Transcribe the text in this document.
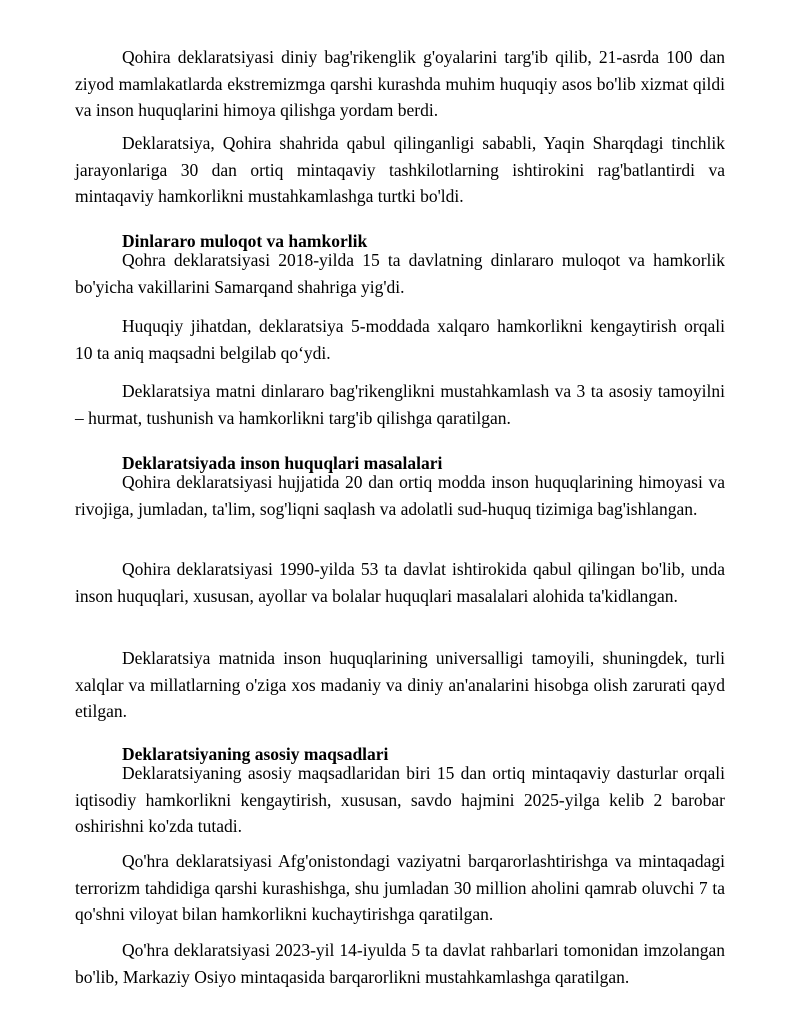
Qohira deklaratsiyasi diniy bag'rikenglik g'oyalarini targ'ib qilib, 21-asrda 100 dan ziyod mamlakatlarda ekstremizmga qarshi kurashda muhim huquqiy asos bo'lib xizmat qildi va inson huquqlarini himoya qilishga yordam berdi.

Deklaratsiya, Qohira shahrida qabul qilinganligi sababli, Yaqin Sharqdagi tinchlik jarayonlariga 30 dan ortiq mintaqaviy tashkilotlarning ishtirokini rag'batlantirdi va mintaqaviy hamkorlikni mustahkamlashga turtki bo'ldi.

Dinlararo muloqot va hamkorlik

Qohra deklaratsiyasi 2018-yilda 15 ta davlatning dinlararo muloqot va hamkorlik bo'yicha vakillarini Samarqand shahriga yig'di.

Huquqiy jihatdan, deklaratsiya 5-moddada xalqaro hamkorlikni kengaytirish orqali 10 ta aniq maqsadni belgilab qo‘ydi.

Deklaratsiya matni dinlararo bag'rikenglikni mustahkamlash va 3 ta asosiy tamoyilni – hurmat, tushunish va hamkorlikni targ'ib qilishga qaratilgan.

Deklaratsiyada inson huquqlari masalalari

Qohira deklaratsiyasi hujjatida 20 dan ortiq modda inson huquqlarining himoyasi va rivojiga, jumladan, ta'lim, sog'liqni saqlash va adolatli sud-huquq tizimiga bag'ishlangan.

Qohira deklaratsiyasi 1990-yilda 53 ta davlat ishtirokida qabul qilingan bo'lib, unda inson huquqlari, xususan, ayollar va bolalar huquqlari masalalari alohida ta'kidlangan.

Deklaratsiya matnida inson huquqlarining universalligi tamoyili, shuningdek, turli xalqlar va millatlarning o'ziga xos madaniy va diniy an'analarini hisobga olish zarurati qayd etilgan.

Deklaratsiyaning asosiy maqsadlari

Deklaratsiyaning asosiy maqsadlaridan biri 15 dan ortiq mintaqaviy dasturlar orqali iqtisodiy hamkorlikni kengaytirish, xususan, savdo hajmini 2025-yilga kelib 2 barobar oshirishni ko'zda tutadi.

Qo'hra deklaratsiyasi Afg'onistondagi vaziyatni barqarorlashtirishga va mintaqadagi terrorizm tahdidiga qarshi kurashishga, shu jumladan 30 million aholini qamrab oluvchi 7 ta qo'shni viloyat bilan hamkorlikni kuchaytirishga qaratilgan.

Qo'hra deklaratsiyasi 2023-yil 14-iyulda 5 ta davlat rahbarlari tomonidan imzolangan bo'lib, Markaziy Osiyo mintaqasida barqarorlikni mustahkamlashga qaratilgan.
